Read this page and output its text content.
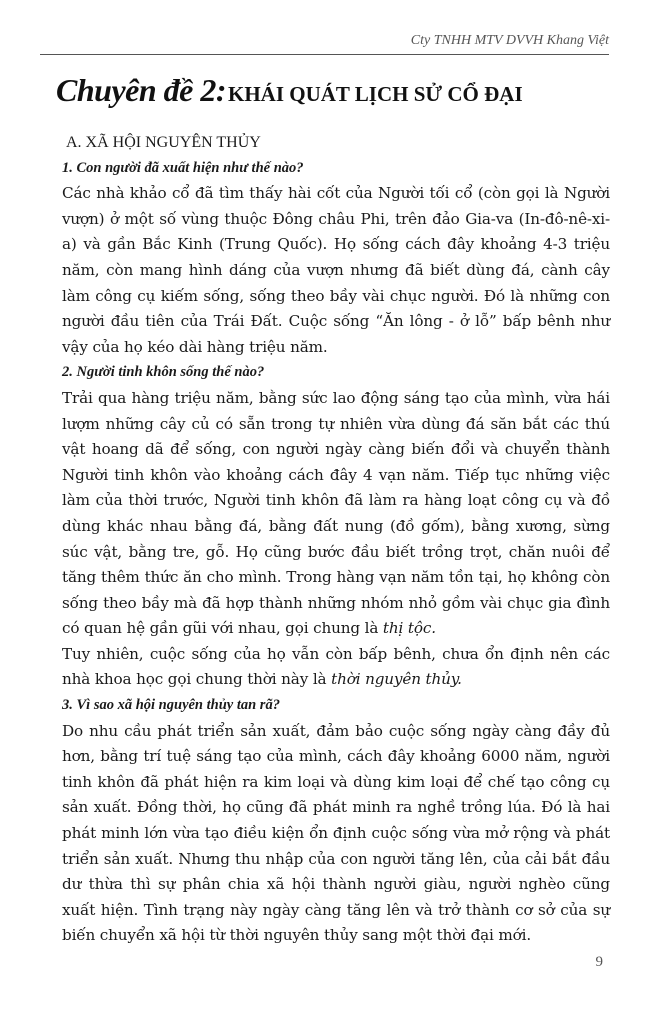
Cty TNHH MTV DVVH Khang Việt
Chuyên đề 2: KHÁI QUÁT LỊCH SỬ CỔ ĐẠI
A. XÃ HỘI NGUYÊN THỦY
1. Con người đã xuất hiện như thế nào?

Các nhà khảo cổ đã tìm thấy hài cốt của Người tối cổ (còn gọi là Người vượn) ở một số vùng thuộc Đông châu Phi, trên đảo Gia-va (In-đô-nê-xi-a) và gần Bắc Kinh (Trung Quốc). Họ sống cách đây khoảng 4-3 triệu năm, còn mang hình dáng của vượn nhưng đã biết dùng đá, cành cây làm công cụ kiếm sống, sống theo bầy vài chục người. Đó là những con người đầu tiên của Trái Đất. Cuộc sống “Ăn lông - ở lỗ” bấp bênh như vậy của họ kéo dài hàng triệu năm.

2. Người tinh khôn sống thế nào?

Trải qua hàng triệu năm, bằng sức lao động sáng tạo của mình, vừa hái lượm những cây củ có sẵn trong tự nhiên vừa dùng đá săn bắt các thú vật hoang dã để sống, con người ngày càng biến đổi và chuyển thành Người tinh khôn vào khoảng cách đây 4 vạn năm. Tiếp tục những việc làm của thời trước, Người tinh khôn đã làm ra hàng loạt công cụ và đồ dùng khác nhau bằng đá, bằng đất nung (đồ gốm), bằng xương, sừng súc vật, bằng tre, gỗ. Họ cũng bước đầu biết trồng trọt, chăn nuôi để tăng thêm thức ăn cho mình. Trong hàng vạn năm tồn tại, họ không còn sống theo bầy mà đã hợp thành những nhóm nhỏ gồm vài chục gia đình có quan hệ gần gũi với nhau, gọi chung là thị tộc.

Tuy nhiên, cuộc sống của họ vẫn còn bấp bênh, chưa ổn định nên các nhà khoa học gọi chung thời này là thời nguyên thủy.

3. Vì sao xã hội nguyên thủy tan rã?

Do nhu cầu phát triển sản xuất, đảm bảo cuộc sống ngày càng đầy đủ hơn, bằng trí tuệ sáng tạo của mình, cách đây khoảng 6000 năm, người tinh khôn đã phát hiện ra kim loại và dùng kim loại để chế tạo công cụ sản xuất. Đồng thời, họ cũng đã phát minh ra nghề trồng lúa. Đó là hai phát minh lớn vừa tạo điều kiện ổn định cuộc sống vừa mở rộng và phát triển sản xuất. Nhưng thu nhập của con người tăng lên, của cải bắt đầu dư thừa thì sự phân chia xã hội thành người giàu, người nghèo cũng xuất hiện. Tình trạng này ngày càng tăng lên và trở thành cơ sở của sự biến chuyển xã hội từ thời nguyên thủy sang một thời đại mới.

9
